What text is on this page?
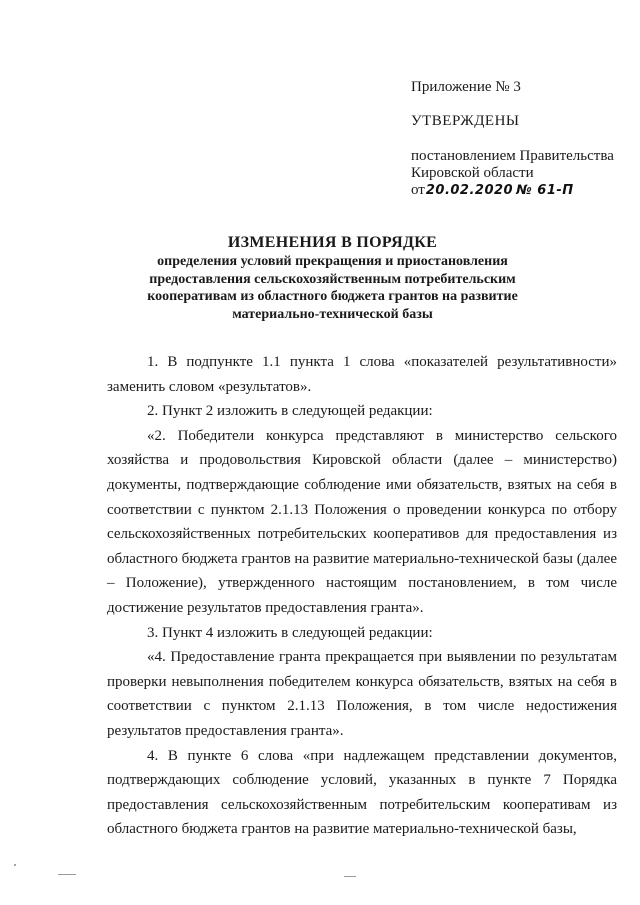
Приложение № 3
УТВЕРЖДЕНЫ
постановлением Правительства
Кировской области
от20.02.2020 № 61-П
ИЗМЕНЕНИЯ В ПОРЯДКЕ
определения условий прекращения и приостановления
предоставления сельскохозяйственным потребительским
кооперативам из областного бюджета грантов на развитие
материально-технической базы

1. В подпункте 1.1 пункта 1 слова «показателей результативности» заменить словом «результатов».

2. Пункт 2 изложить в следующей редакции:

«2. Победители конкурса представляют в министерство сельского хозяйства и продовольствия Кировской области (далее – министерство) документы, подтверждающие соблюдение ими обязательств, взятых на себя в соответствии с пунктом 2.1.13 Положения о проведении конкурса по отбору сельскохозяйственных потребительских кооперативов для предоставления из областного бюджета грантов на развитие материально-технической базы (далее – Положение), утвержденного настоящим постановлением, в том числе достижение результатов предоставления гранта».

3. Пункт 4 изложить в следующей редакции:

«4. Предоставление гранта прекращается при выявлении по результатам проверки невыполнения победителем конкурса обязательств, взятых на себя в соответствии с пунктом 2.1.13 Положения, в том числе недостижения результатов предоставления гранта».

4. В пункте 6 слова «при надлежащем представлении документов, подтверждающих соблюдение условий, указанных в пункте 7 Порядка предоставления сельскохозяйственным потребительским кооперативам из областного бюджета грантов на развитие материально-технической базы,
